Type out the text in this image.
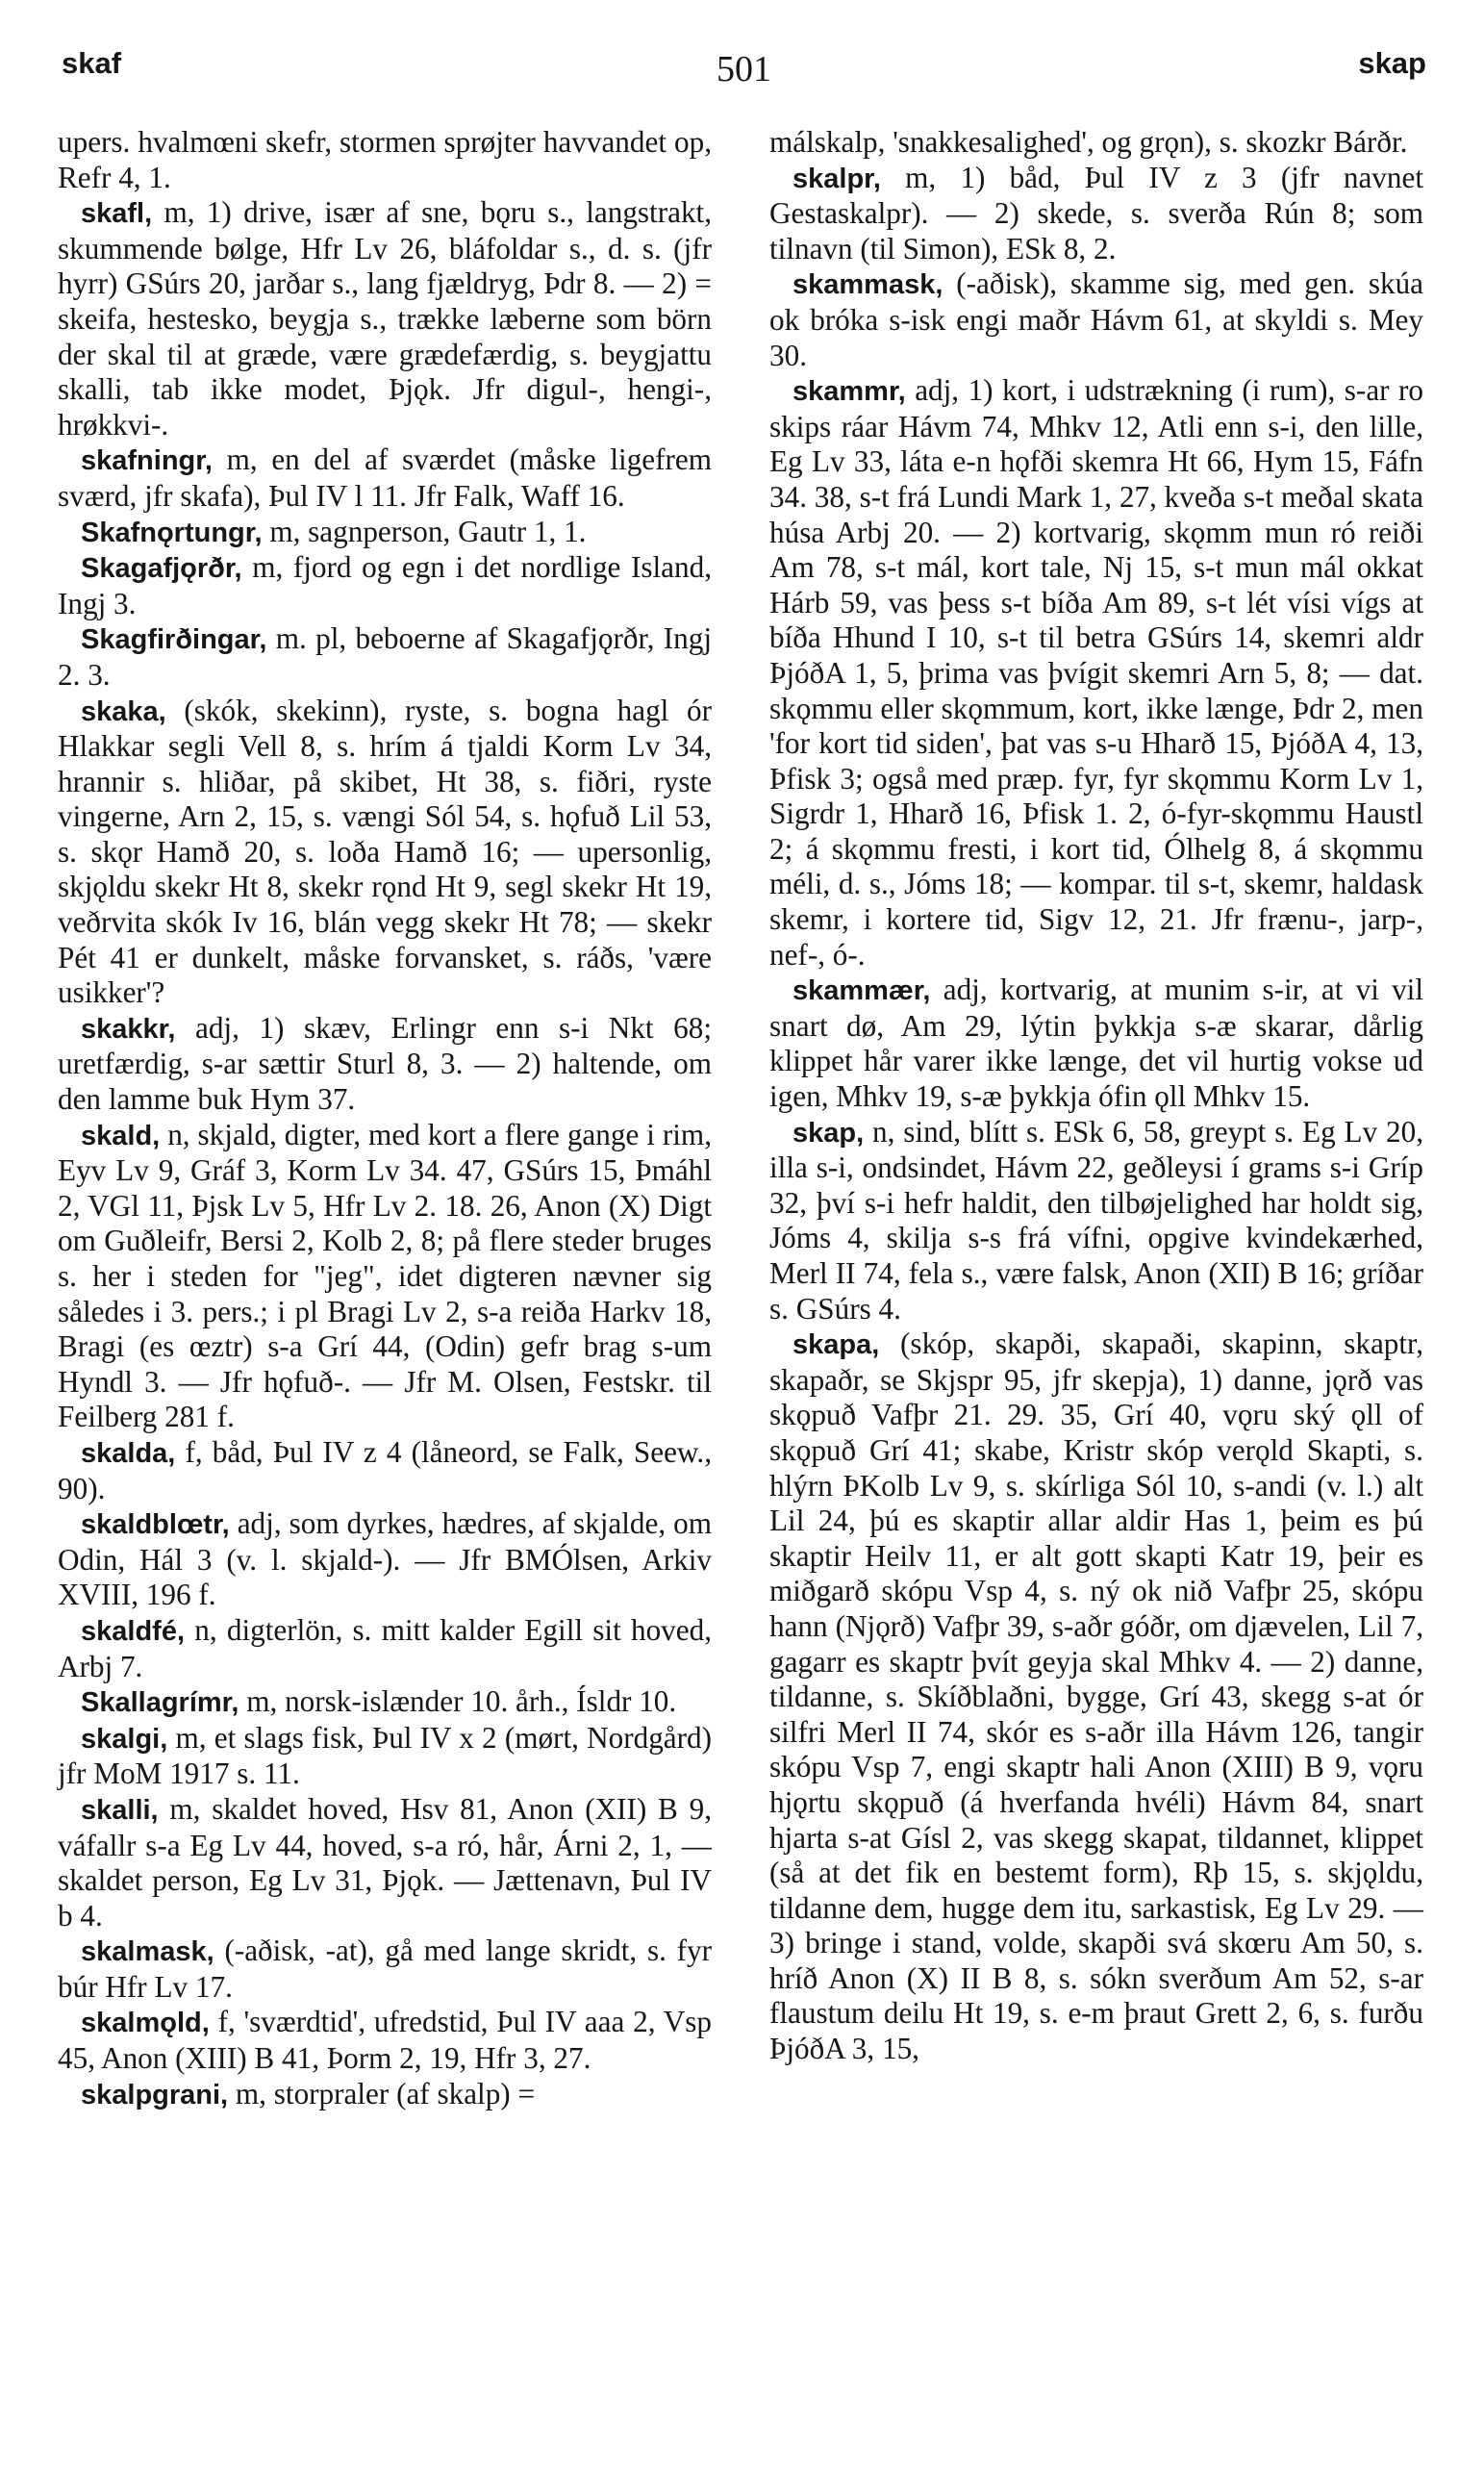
skaf	501	skap

upers. hvalmœni skefr, stormen sprøjter havvandet op, Refr 4, 1.

skafl, m, 1) drive, især af sne, bǫru s., langstrakt, skummende bølge, Hfr Lv 26, bláfoldar s., d. s. (jfr hyrr) GSúrs 20, jarðar s., lang fjældryg, Þdr 8. — 2) = skeifa, hestesko, beygja s., trække læberne som börn der skal til at græde, være grædefærdig, s. beygjattu skalli, tab ikke modet, Þjǫk. Jfr digul-, hengi-, hrøkkvi-.

skafningr, m, en del af sværdet (måske ligefrem sværd, jfr skafa), Þul IV l 11. Jfr Falk, Waff 16.

Skafnǫrtungr, m, sagnperson, Gautr 1, 1.

Skagafjǫrðr, m, fjord og egn i det nordlige Island, Ingj 3.

Skagfirðingar, m. pl, beboerne af Skagafjǫrðr, Ingj 2. 3.

skaka, (skók, skekinn), ryste, s. bogna hagl ór Hlakkar segli Vell 8, s. hrím á tjaldi Korm Lv 34, hrannir s. hliðar, på skibet, Ht 38, s. fiðri, ryste vingerne, Arn 2, 15, s. vængi Sól 54, s. hǫfuð Lil 53, s. skǫr Hamð 20, s. loða Hamð 16; — upersonlig, skjǫldu skekr Ht 8, skekr rǫnd Ht 9, segl skekr Ht 19, veðrvita skók Iv 16, blán vegg skekr Ht 78; — skekr Pét 41 er dunkelt, måske forvansket, s. ráðs, 'være usikker'?

skakkr, adj, 1) skæv, Erlingr enn s-i Nkt 68; uretfærdig, s-ar sættir Sturl 8, 3. — 2) haltende, om den lamme buk Hym 37.

skald, n, skjald, digter, med kort a flere gange i rim, Eyv Lv 9, Gráf 3, Korm Lv 34. 47, GSúrs 15, Þmáhl 2, VGl 11, Þjsk Lv 5, Hfr Lv 2. 18. 26, Anon (X) Digt om Guðleifr, Bersi 2, Kolb 2, 8; på flere steder bruges s. her i steden for "jeg", idet digteren nævner sig således i 3. pers.; i pl Bragi Lv 2, s-a reiða Harkv 18, Bragi (es œztr) s-a Grí 44, (Odin) gefr brag s-um Hyndl 3. — Jfr hǫfuð-. — Jfr M. Olsen, Festskr. til Feilberg 281 f.

skalda, f, båd, Þul IV z 4 (låneord, se Falk, Seew., 90).

skaldblœtr, adj, som dyrkes, hædres, af skjalde, om Odin, Hál 3 (v. l. skjald-). — Jfr BMÓlsen, Arkiv XVIII, 196 f.

skaldfé, n, digterlön, s. mitt kalder Egill sit hoved, Arbj 7.

Skallagrímr, m, norsk-islænder 10. årh., Ísldr 10.

skalgi, m, et slags fisk, Þul IV x 2 (mørt, Nordgård) jfr MoM 1917 s. 11.

skalli, m, skaldet hoved, Hsv 81, Anon (XII) B 9, váfallr s-a Eg Lv 44, hoved, s-a ró, hår, Árni 2, 1, — skaldet person, Eg Lv 31, Þjǫk. — Jættenavn, Þul IV b 4.

skalmask, (-aðisk, -at), gå med lange skridt, s. fyr búr Hfr Lv 17.

skalmǫld, f, 'sværdtid', ufredstid, Þul IV aaa 2, Vsp 45, Anon (XIII) B 41, Þorm 2, 19, Hfr 3, 27.

skalpgrani, m, storpraler (af skalp) =

málskalp, 'snakkesalighed', og grǫn), s. skozkr Bárðr.

skalpr, m, 1) båd, Þul IV z 3 (jfr navnet Gestaskalpr). — 2) skede, s. sverða Rún 8; som tilnavn (til Simon), ESk 8, 2.

skammask, (-aðisk), skamme sig, med gen. skúa ok bróka s-isk engi maðr Hávm 61, at skyldi s. Mey 30.

skammr, adj, 1) kort, i udstrækning (i rum), s-ar ro skips ráar Hávm 74, Mhkv 12, Atli enn s-i, den lille, Eg Lv 33, láta e-n hǫfði skemra Ht 66, Hym 15, Fáfn 34. 38, s-t frá Lundi Mark 1, 27, kveða s-t meðal skata húsa Arbj 20. — 2) kortvarig, skǫmm mun ró reiði Am 78, s-t mál, kort tale, Nj 15, s-t mun mál okkat Hárb 59, vas þess s-t bíða Am 89, s-t lét vísi vígs at bíða Hhund I 10, s-t til betra GSúrs 14, skemri aldr ÞjóðA 1, 5, þrima vas þvígit skemri Arn 5, 8; — dat. skǫmmu eller skǫmmum, kort, ikke længe, Þdr 2, men 'for kort tid siden', þat vas s-u Hharð 15, ÞjóðA 4, 13, Þfisk 3; også med præp. fyr, fyr skǫmmu Korm Lv 1, Sigrdr 1, Hharð 16, Þfisk 1. 2, ó-fyr-skǫmmu Haustl 2; á skǫmmu fresti, i kort tid, Ólhelg 8, á skǫmmu méli, d. s., Jóms 18; — kompar. til s-t, skemr, haldask skemr, i kortere tid, Sigv 12, 21. Jfr frænu-, jarp-, nef-, ó-.

skammær, adj, kortvarig, at munim s-ir, at vi vil snart dø, Am 29, lýtin þykkja s-æ skarar, dårlig klippet hår varer ikke længe, det vil hurtig vokse ud igen, Mhkv 19, s-æ þykkja ófin ǫll Mhkv 15.

skap, n, sind, blítt s. ESk 6, 58, greypt s. Eg Lv 20, illa s-i, ondsindet, Hávm 22, geðleysi í grams s-i Gríp 32, því s-i hefr haldit, den tilbøjelighed har holdt sig, Jóms 4, skilja s-s frá vífni, opgive kvindekærhed, Merl II 74, fela s., være falsk, Anon (XII) B 16; gríðar s. GSúrs 4.

skapa, (skóp, skapði, skapaði, skapinn, skaptr, skapaðr, se Skjspr 95, jfr skepja), 1) danne, jǫrð vas skǫpuð Vafþr 21. 29. 35, Grí 40, vǫru ský ǫll of skǫpuð Grí 41; skabe, Kristr skóp verǫld Skapti, s. hlýrn ÞKolb Lv 9, s. skírliga Sól 10, s-andi (v. l.) alt Lil 24, þú es skaptir allar aldir Has 1, þeim es þú skaptir Heilv 11, er alt gott skapti Katr 19, þeir es miðgarð skópu Vsp 4, s. ný ok nið Vafþr 25, skópu hann (Njǫrð) Vafþr 39, s-aðr góðr, om djævelen, Lil 7, gagarr es skaptr þvít geyja skal Mhkv 4. — 2) danne, tildanne, s. Skíðblaðni, bygge, Grí 43, skegg s-at ór silfri Merl II 74, skór es s-aðr illa Hávm 126, tangir skópu Vsp 7, engi skaptr hali Anon (XIII) B 9, vǫru hjǫrtu skǫpuð (á hverfanda hvéli) Hávm 84, snart hjarta s-at Gísl 2, vas skegg skapat, tildannet, klippet (så at det fik en bestemt form), Rþ 15, s. skjǫldu, tildanne dem, hugge dem itu, sarkastisk, Eg Lv 29. — 3) bringe i stand, volde, skapði svá skœru Am 50, s. hríð Anon (X) II B 8, s. sókn sverðum Am 52, s-ar flaustum deilu Ht 19, s. e-m þraut Grett 2, 6, s. furðu ÞjóðA 3, 15,
